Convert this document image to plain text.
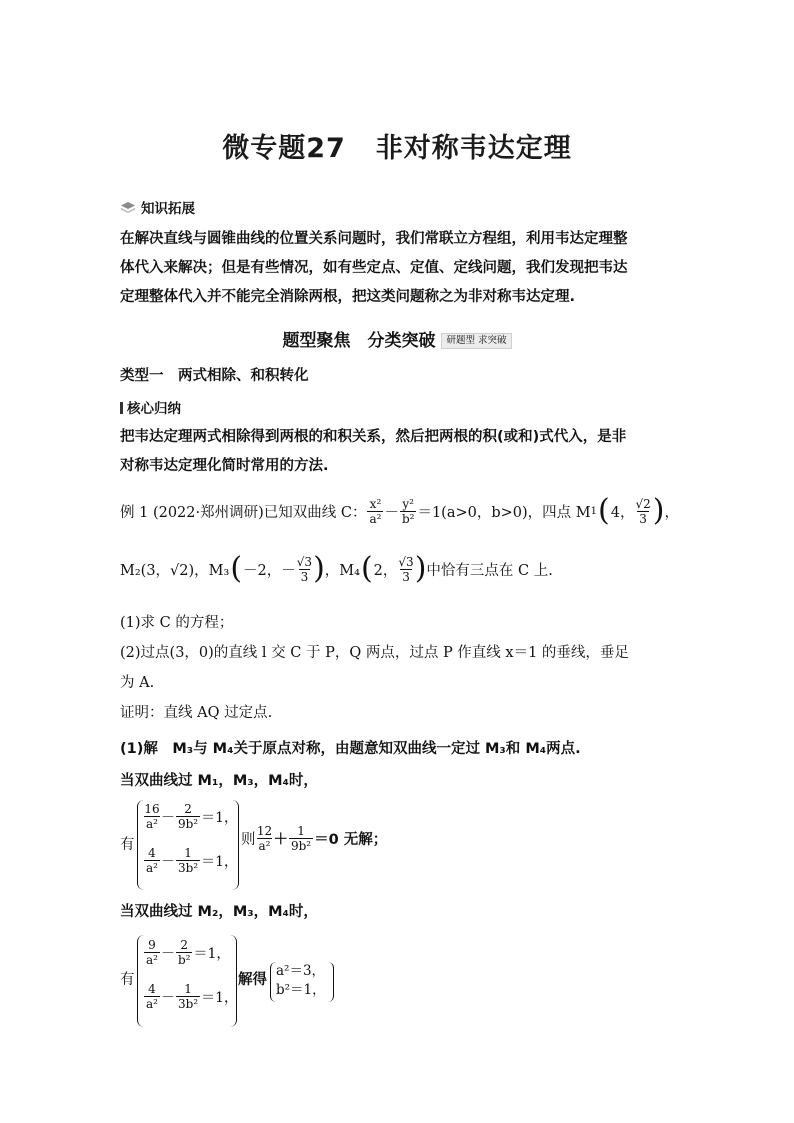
微专题27 非对称韦达定理
知识拓展
在解决直线与圆锥曲线的位置关系问题时，我们常联立方程组，利用韦达定理整
体代入来解决；但是有些情况，如有些定点、定值、定线问题，我们发现把韦达
定理整体代入并不能完全消除两根，把这类问题称之为非对称韦达定理.
题型聚焦　分类突破 研题型 求突破
类型一　两式相除、和积转化
核心归纳
把韦达定理两式相除得到两根的和积关系，然后把两根的积(或和)式代入，是非
对称韦达定理化简时常用的方法.
例 1 (2022·郑州调研)已知双曲线 C： $\frac{\text{x²}}{\text{a²}} - \frac{\text{y²}}{\text{b²}} =1(a>0$，b>0)，四点 M 1 ( 4， $\frac{√2}{3}$ ) ，
M₂(3，√2)，M₃ ( －2，－ $\frac{√3}{3}$ ) ，M₄ ( 2， $\frac{√3}{3}$ ) 中恰有三点在 C 上.
(1)求 C 的方程；
(2)过点(3，0)的直线 l 交 C 于 P，Q 两点，过点 P 作直线 x＝1 的垂线，垂足
为 A.
证明：直线 AQ 过定点.
(1)解　M₃与 M₄关于原点对称，由题意知双曲线一定过 M₃和 M₄两点.
当双曲线过 M₁，M₃，M₄时，
有
$\frac{16}{\text{a²}} - \frac{2}{\text{9b²}} =1$，
$\frac{4}{\text{a²}} - \frac{1}{\text{3b²}} =1$，
则 $\frac{12}{\text{a²}} + \frac{1}{\text{9b²}} =0$ 无解；
当双曲线过 M₂，M₃，M₄时，
有
$\frac{9}{\text{a²}} - \frac{2}{\text{b²}} =1$，
$\frac{4}{\text{a²}} - \frac{1}{\text{3b²}} =1$，
解得
a²＝3，
b²＝1，
